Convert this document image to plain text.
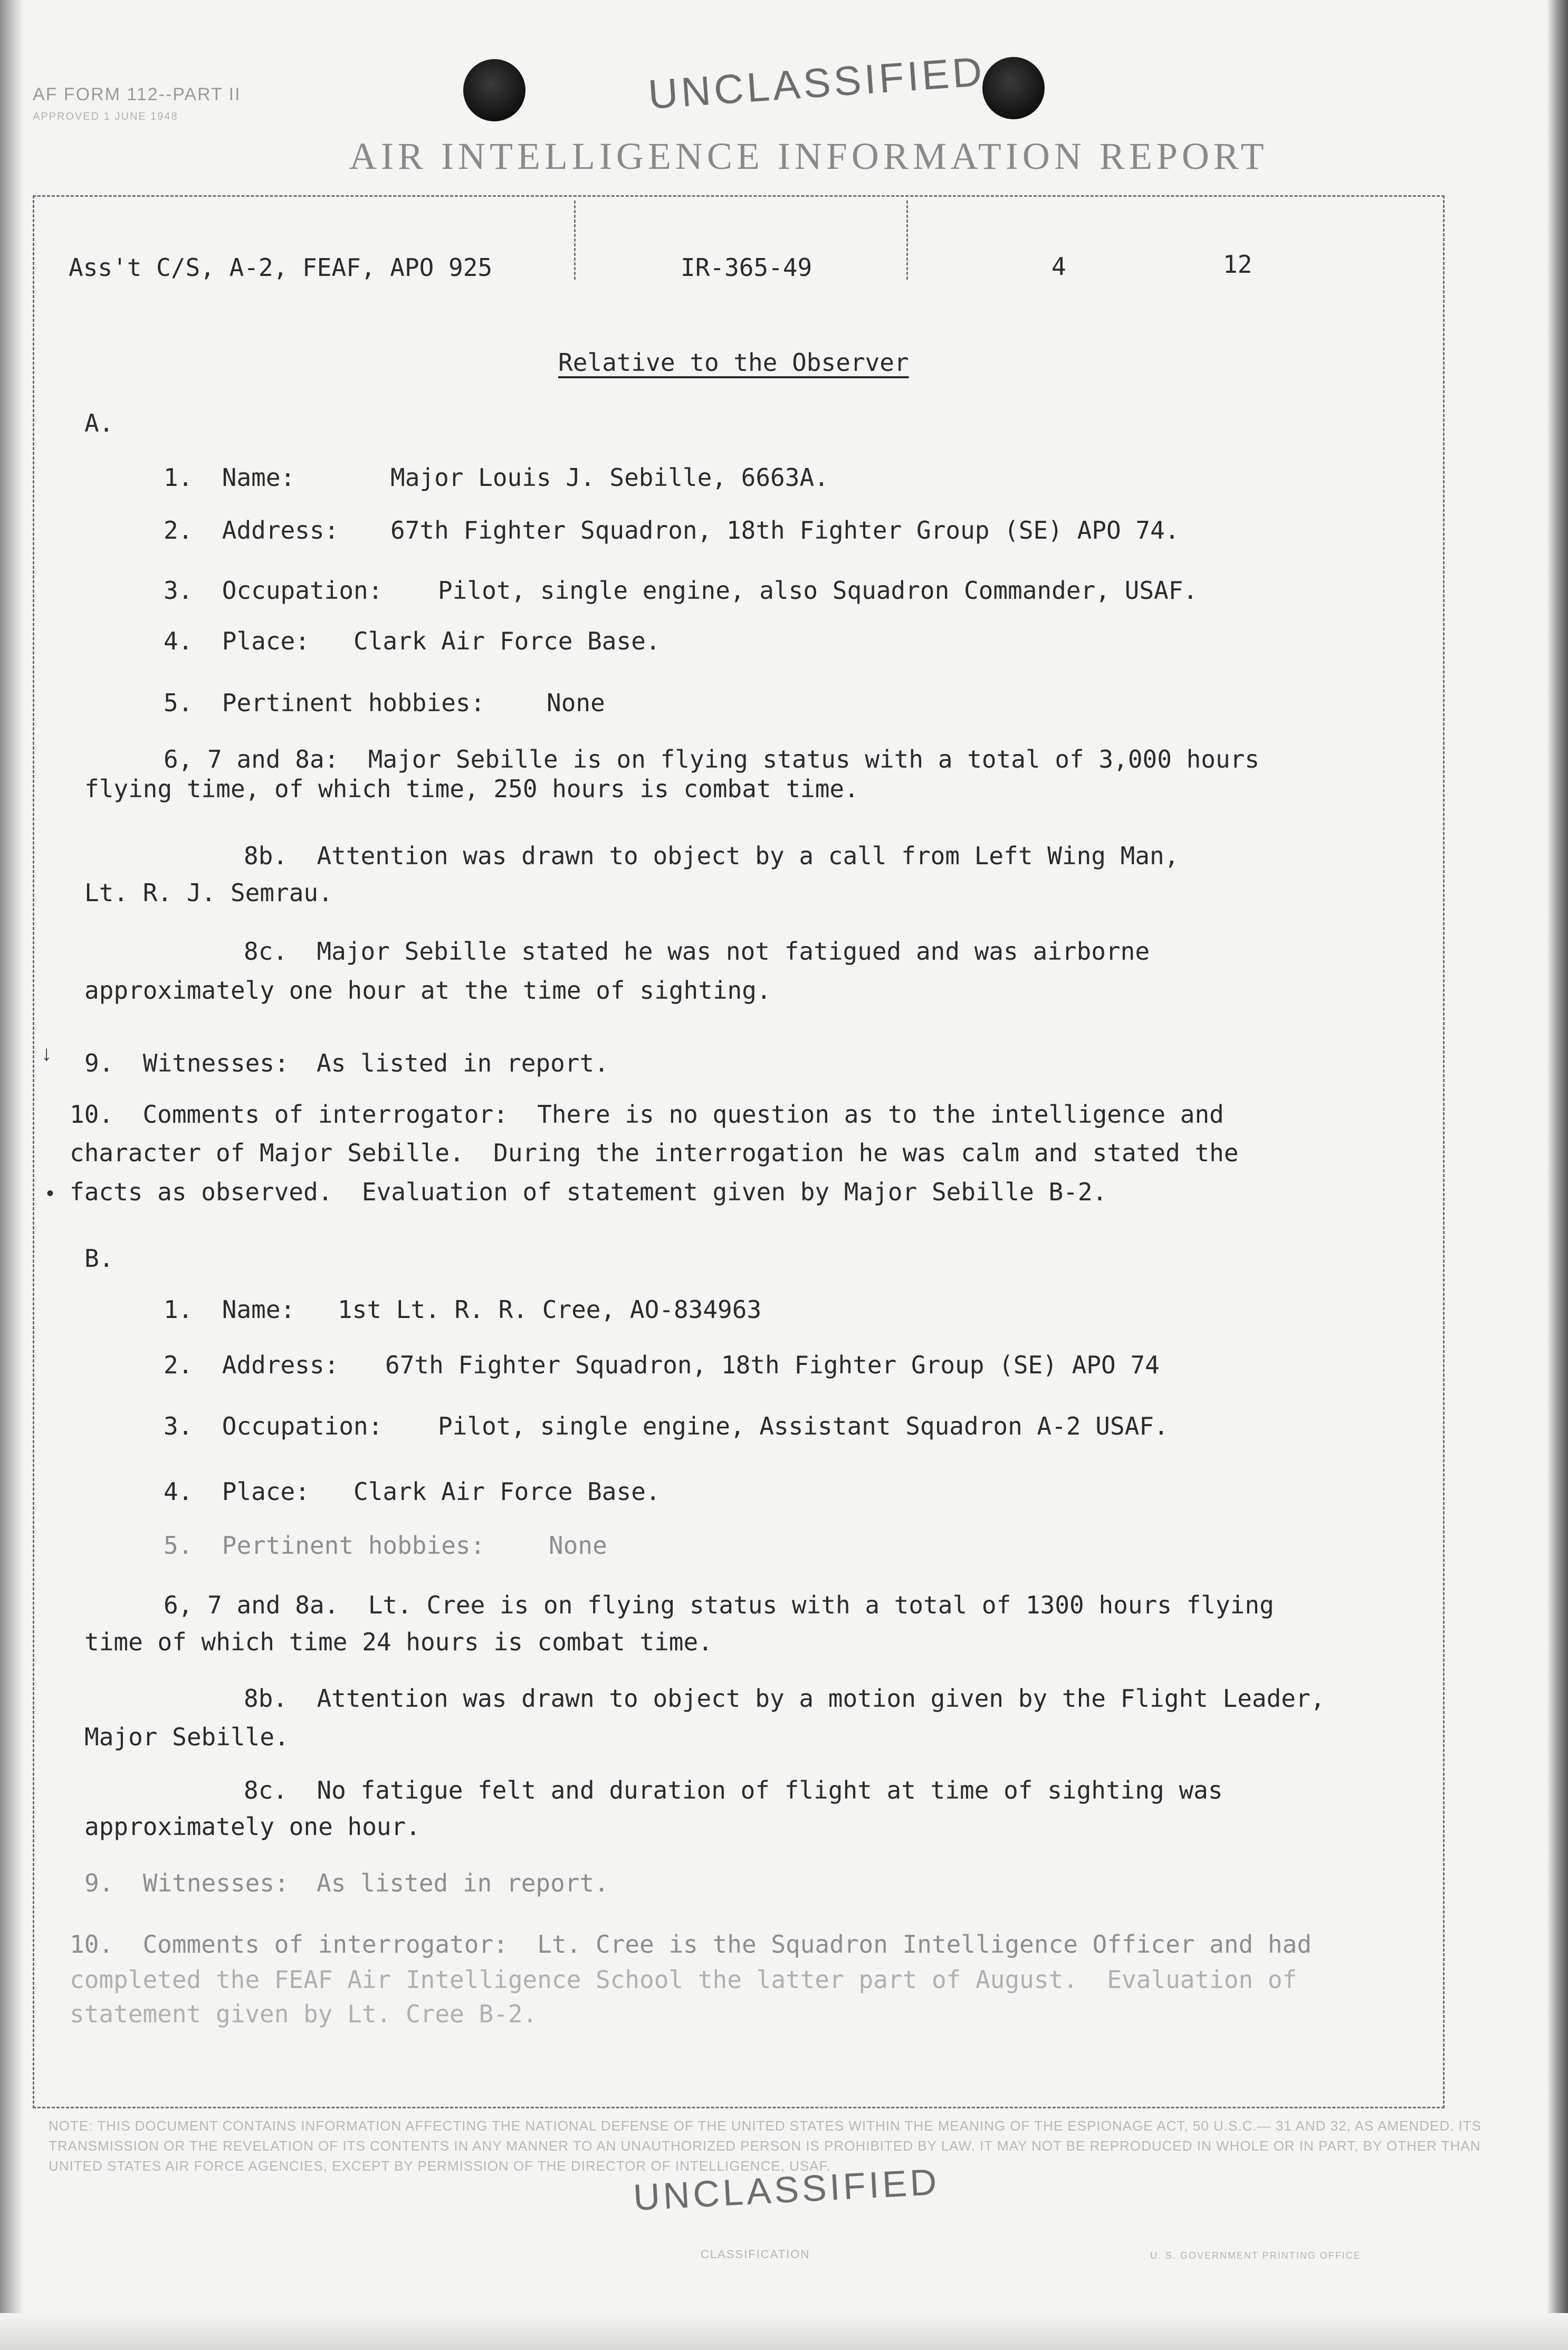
AF FORM 112--PART II
APPROVED 1 JUNE 1948	UNCLASSIFIED
AIR INTELLIGENCE INFORMATION REPORT
Ass't C/S, A-2, FEAF, APO 925	IR-365-49	4	12
Relative to the Observer
A.
1.  Name:	Major Louis J. Sebille, 6663A.
2.  Address: 67th Fighter Squadron, 18th Fighter Group (SE) APO 74.
3.  Occupation: Pilot, single engine, also Squadron Commander, USAF.
4.  Place: Clark Air Force Base.
5.  Pertinent hobbies:	None
6, 7 and 8a:  Major Sebille is on flying status with a total of 3,000 hours
flying time, of which time, 250 hours is combat time.
8b.  Attention was drawn to object by a call from Left Wing Man,
Lt. R. J. Semrau.
8c.  Major Sebille stated he was not fatigued and was airborne
approximately one hour at the time of sighting.
9.  Witnesses: As listed in report.
10.  Comments of interrogator:  There is no question as to the intelligence and
character of Major Sebille.  During the interrogation he was calm and stated the
facts as observed.  Evaluation of statement given by Major Sebille B-2.
↓
•
B.
1.  Name: 1st Lt. R. R. Cree, AO-834963
2.  Address: 67th Fighter Squadron, 18th Fighter Group (SE) APO 74
3.  Occupation: Pilot, single engine, Assistant Squadron A-2 USAF.
4.  Place: Clark Air Force Base.
5.  Pertinent hobbies:	None
6, 7 and 8a.  Lt. Cree is on flying status with a total of 1300 hours flying
time of which time 24 hours is combat time.
8b.  Attention was drawn to object by a motion given by the Flight Leader,
Major Sebille.
8c.  No fatigue felt and duration of flight at time of sighting was
approximately one hour.
9.  Witnesses: As listed in report.
10.  Comments of interrogator:  Lt. Cree is the Squadron Intelligence Officer and had
completed the FEAF Air Intelligence School the latter part of August.  Evaluation of
statement given by Lt. Cree B-2.
NOTE: THIS DOCUMENT CONTAINS INFORMATION AFFECTING THE NATIONAL DEFENSE OF THE UNITED STATES WITHIN THE MEANING OF THE ESPIONAGE ACT, 50 U.S.C.— 31 AND 32, AS AMENDED. ITS TRANSMISSION OR THE REVELATION OF ITS CONTENTS IN ANY MANNER TO AN UNAUTHORIZED PERSON IS PROHIBITED BY LAW. IT MAY NOT BE REPRODUCED IN WHOLE OR IN PART, BY OTHER THAN UNITED STATES AIR FORCE AGENCIES, EXCEPT BY PERMISSION OF THE DIRECTOR OF INTELLIGENCE, USAF.
UNCLASSIFIED
CLASSIFICATION	U. S. GOVERNMENT PRINTING OFFICE
